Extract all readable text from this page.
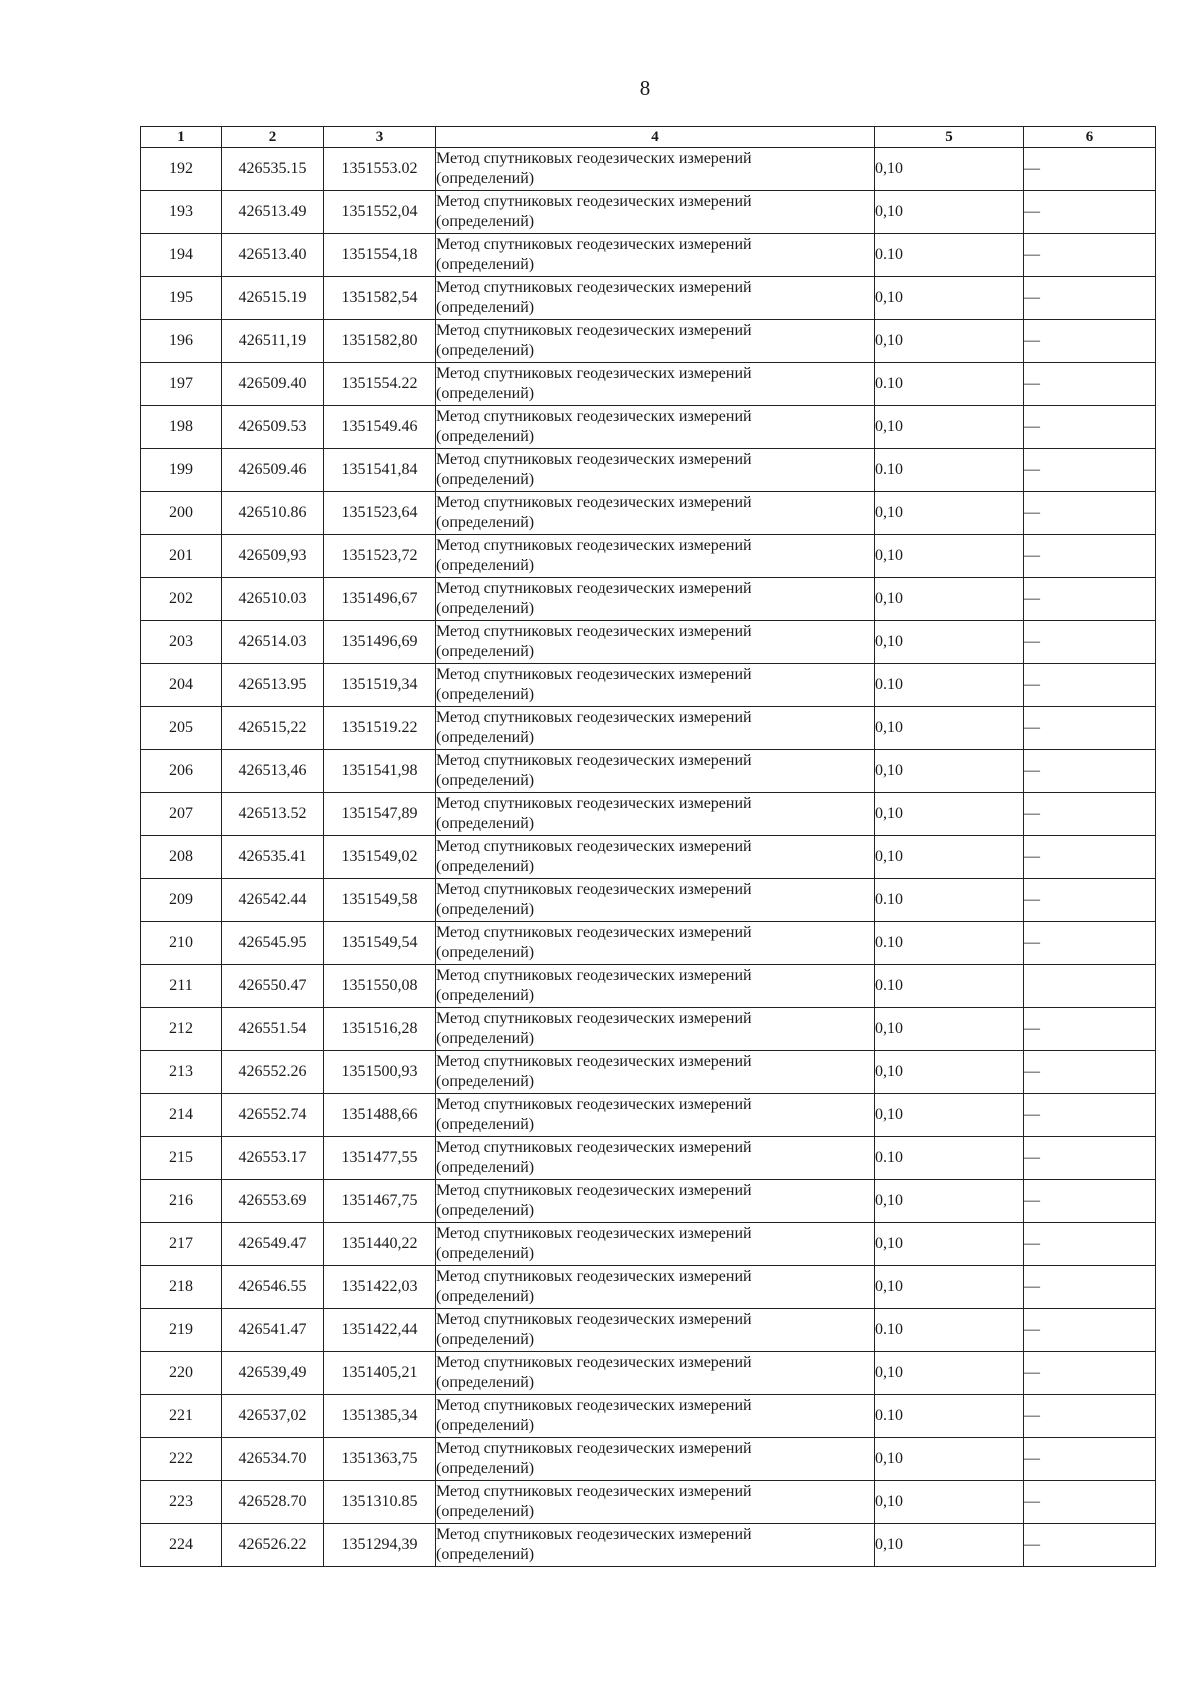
8
1	2	3	4	5	6
192	426535.15	1351553.02	Метод спутниковых геодезических измерений
(определений)	0,10	—
193	426513.49	1351552,04	Метод спутниковых геодезических измерений
(определений)	0,10	—
194	426513.40	1351554,18	Метод спутниковых геодезических измерений
(определений)	0.10	—
195	426515.19	1351582,54	Метод спутниковых геодезических измерений
(определений)	0,10	—
196	426511,19	1351582,80	Метод спутниковых геодезических измерений
(определений)	0,10	—
197	426509.40	1351554.22	Метод спутниковых геодезических измерений
(определений)	0.10	—
198	426509.53	1351549.46	Метод спутниковых геодезических измерений
(определений)	0,10	—
199	426509.46	1351541,84	Метод спутниковых геодезических измерений
(определений)	0.10	—
200	426510.86	1351523,64	Метод спутниковых геодезических измерений
(определений)	0,10	—
201	426509,93	1351523,72	Метод спутниковых геодезических измерений
(определений)	0,10	—
202	426510.03	1351496,67	Метод спутниковых геодезических измерений
(определений)	0,10	—
203	426514.03	1351496,69	Метод спутниковых геодезических измерений
(определений)	0,10	—
204	426513.95	1351519,34	Метод спутниковых геодезических измерений
(определений)	0.10	—
205	426515,22	1351519.22	Метод спутниковых геодезических измерений
(определений)	0,10	—
206	426513,46	1351541,98	Метод спутниковых геодезических измерений
(определений)	0,10	—
207	426513.52	1351547,89	Метод спутниковых геодезических измерений
(определений)	0,10	—
208	426535.41	1351549,02	Метод спутниковых геодезических измерений
(определений)	0,10	—
209	426542.44	1351549,58	Метод спутниковых геодезических измерений
(определений)	0.10	—
210	426545.95	1351549,54	Метод спутниковых геодезических измерений
(определений)	0.10	—
211	426550.47	1351550,08	Метод спутниковых геодезических измерений
(определений)	0.10	
212	426551.54	1351516,28	Метод спутниковых геодезических измерений
(определений)	0,10	—
213	426552.26	1351500,93	Метод спутниковых геодезических измерений
(определений)	0,10	—
214	426552.74	1351488,66	Метод спутниковых геодезических измерений
(определений)	0,10	—
215	426553.17	1351477,55	Метод спутниковых геодезических измерений
(определений)	0.10	—
216	426553.69	1351467,75	Метод спутниковых геодезических измерений
(определений)	0,10	—
217	426549.47	1351440,22	Метод спутниковых геодезических измерений
(определений)	0,10	—
218	426546.55	1351422,03	Метод спутниковых геодезических измерений
(определений)	0,10	—
219	426541.47	1351422,44	Метод спутниковых геодезических измерений
(определений)	0.10	—
220	426539,49	1351405,21	Метод спутниковых геодезических измерений
(определений)	0,10	—
221	426537,02	1351385,34	Метод спутниковых геодезических измерений
(определений)	0.10	—
222	426534.70	1351363,75	Метод спутниковых геодезических измерений
(определений)	0,10	—
223	426528.70	1351310.85	Метод спутниковых геодезических измерений
(определений)	0,10	—
224	426526.22	1351294,39	Метод спутниковых геодезических измерений
(определений)	0,10	—
